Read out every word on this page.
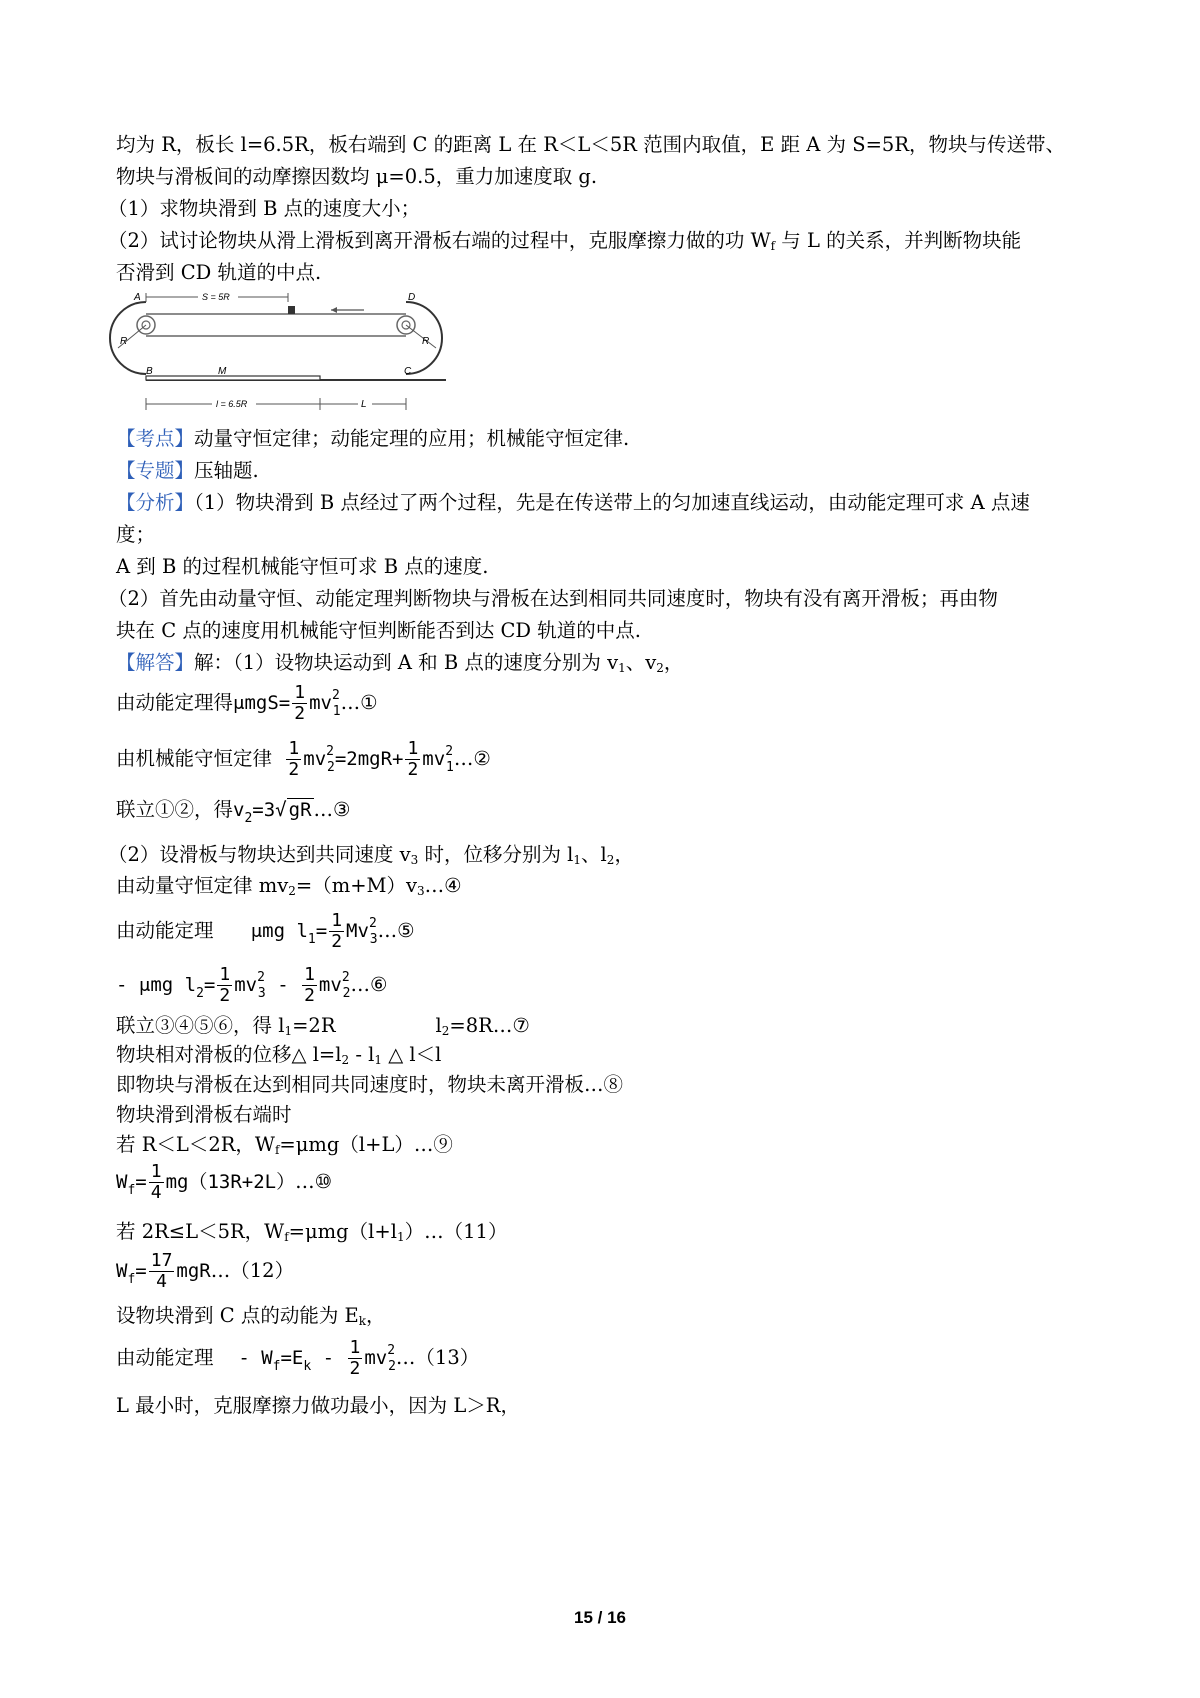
均为 R，板长 l=6.5R，板右端到 C 的距离 L 在 R＜L＜5R 范围内取值，E 距 A 为 S=5R，物块与传送带、
物块与滑板间的动摩擦因数均 μ=0.5，重力加速度取 g.
（1）求物块滑到 B 点的速度大小；
（2）试讨论物块从滑上滑板到离开滑板右端的过程中，克服摩擦力做的功 $W_f$ 与 L 的关系，并判断物块能
否滑到 CD 轨道的中点.
A
B	C
D
M
R	R
S = 5R
l = 6.5R	L
【考点】动量守恒定律；动能定理的应用；机械能守恒定律.
【专题】压轴题.
【分析】（1）物块滑到 B 点经过了两个过程，先是在传送带上的匀加速直线运动，由动能定理可求 A 点速
度；
A 到 B 的过程机械能守恒可求 B 点的速度.
（2）首先由动量守恒、动能定理判断物块与滑板在达到相同共同速度时，物块有没有离开滑板；再由物
块在 C 点的速度用机械能守恒判断能否到达 CD 轨道的中点.
【解答】解：（1）设物块运动到 A 和 B 点的速度分别为 $v_1$、$v_2$，
由动能定理得$\mu mgS= \frac{1}{2}$ $mv^2_1\dots ①$
由机械能守恒定律 $\frac{1}{2} mv^2_2=2mgR+ \frac{1}{2}$ $mv^2_1\dots ②$
联立①②，得$v_2=3√$ gR …③
（2）设滑板与物块达到共同速度 $v_3$ 时，位移分别为 $l_1$、$l_2$，
由动量守恒定律 $mv_2=(m+M)v_3\dots ④$
由动能定理 μmg $l_1= \frac{1}{2}$ $Mv^2_3\dots ⑤$
- μmg $l_2= \frac{1}{2} mv^2_3 - \frac{1}{2}$ $mv^2_2\dots ⑥$
联立③④⑤⑥，得 $l_1=2R$	$l_2=8R\dots ⑦$
物块相对滑板的位移△ $l=l_2 - l_1$ △ l＜l
即物块与滑板在达到相同共同速度时，物块未离开滑板…⑧
物块滑到滑板右端时
若 R＜L＜2R，$W_f=\mu mg(l+L)\dots ⑨$
$W_f= \frac{1}{4}$ mg（13R+2L）…⑩
若 2R≤L＜5R，$W_f=\mu mg(l+l_1)\dots(11)$
$W_f= \frac{17}{4}$ mgR…（12）
设物块滑到 C 点的动能为 $E_k$，
由动能定理 - $W_f=E_k - \frac{1}{2}$ $mv^2_2\dots(13)$
L 最小时，克服摩擦力做功最小，因为 L＞R，
15 / 16
